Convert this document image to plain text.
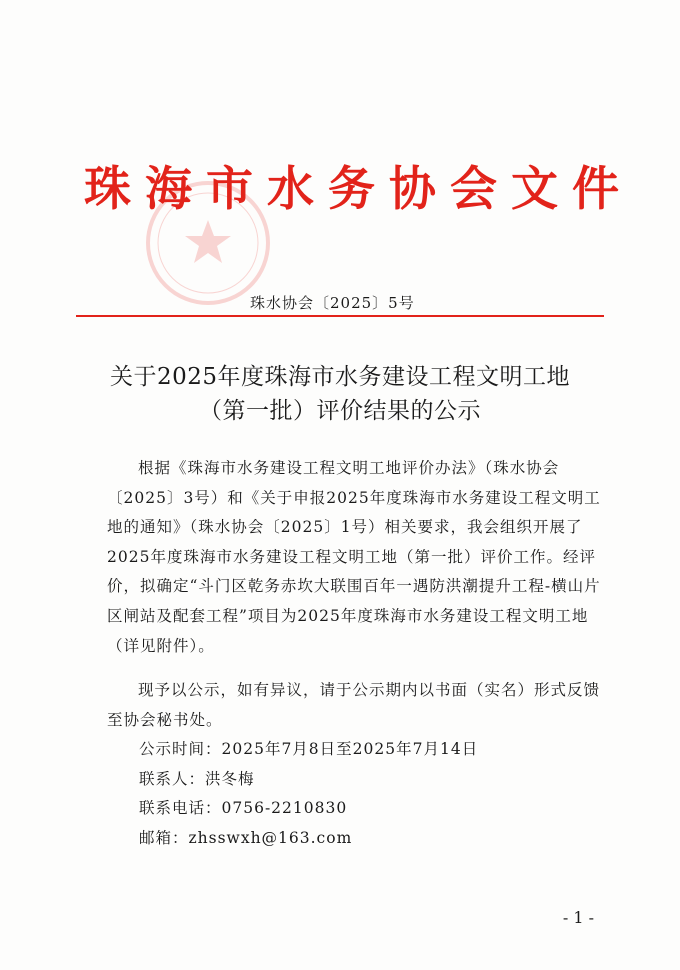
珠海市水务协会文件
珠水协会〔2025〕5号
关于2025年度珠海市水务建设工程文明工地
（第一批）评价结果的公示

根据《珠海市水务建设工程文明工地评价办法》（珠水协会〔2025〕3号）和《关于申报2025年度珠海市水务建设工程文明工地的通知》（珠水协会〔2025〕1号）相关要求，我会组织开展了2025年度珠海市水务建设工程文明工地（第一批）评价工作。经评价，拟确定“斗门区乾务赤坎大联围百年一遇防洪潮提升工程-横山片区闸站及配套工程”项目为2025年度珠海市水务建设工程文明工地（详见附件）。

现予以公示，如有异议，请于公示期内以书面（实名）形式反馈至协会秘书处。

公示时间：2025年7月8日至2025年7月14日
联系人：洪冬梅
联系电话：0756-2210830
邮箱：zhsswxh@163.com
- 1 -
